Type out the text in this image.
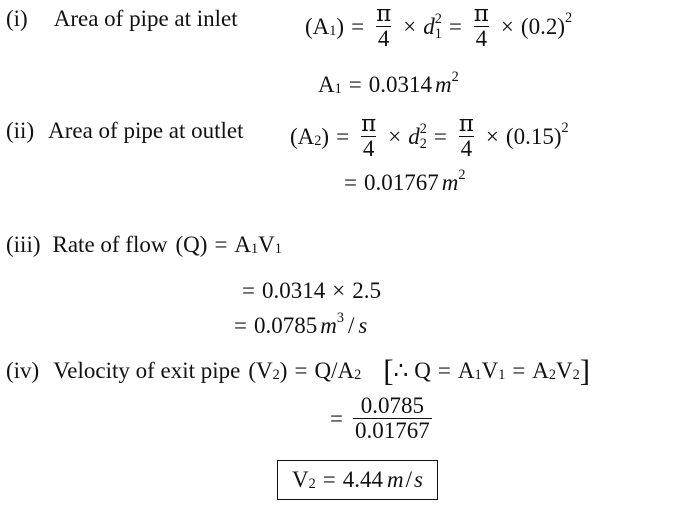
(i) Area of pipe at inlet	( A 1 ) = $\frac{\pi}{4} \times d$ 2
$1 = \frac{\pi}{4}$ × ( 0.2 ) 2
A 1 = 0.0314 m 2
(ii) Area of pipe at outlet ( A 2 ) = $\frac{\pi}{4} \times d$ 2
$2 = \frac{\pi}{4}$ × ( 0.15 ) 2
= 0.01767 m 2
(iii) Rate of flow ( Q ) = A 1 V 1
= 0.0314 × 2.5
= 0.0785 m 3 / s
(iv) Velocity of exit pipe ( V 2 ) = Q / A 2 [ ∴ Q = A 1 V 1 = A 2 V 2 ]
= $\frac{0.0785}{0.01767}$
V 2 = 4.44 m / s
